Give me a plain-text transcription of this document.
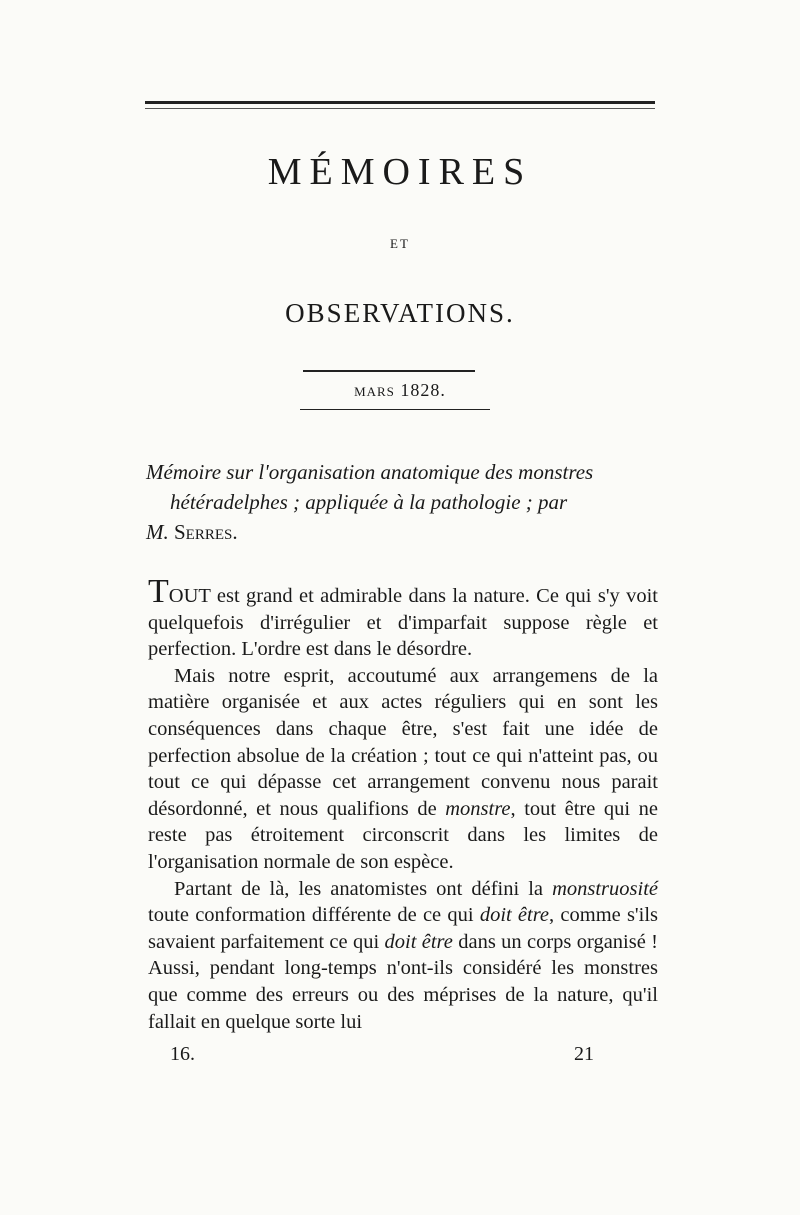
MÉMOIRES
ET
OBSERVATIONS.
MARS 1828.
Mémoire sur l'organisation anatomique des monstres
hétéradelphes ; appliquée à la pathologie ; par
M. Serres.

TOUT est grand et admirable dans la nature. Ce qui s'y voit quelquefois d'irrégulier et d'imparfait suppose règle et perfection. L'ordre est dans le désordre.

Mais notre esprit, accoutumé aux arrangemens de la matière organisée et aux actes réguliers qui en sont les conséquences dans chaque être, s'est fait une idée de perfection absolue de la création ; tout ce qui n'atteint pas, ou tout ce qui dépasse cet arrangement convenu nous parait désordonné, et nous qualifions de monstre, tout être qui ne reste pas étroitement circonscrit dans les limites de l'organisation normale de son espèce.

Partant de là, les anatomistes ont défini la monstruosité toute conformation différente de ce qui doit être, comme s'ils savaient parfaitement ce qui doit être dans un corps organisé ! Aussi, pendant long-temps n'ont-ils considéré les monstres que comme des erreurs ou des méprises de la nature, qu'il fallait en quelque sorte lui

16.	21
